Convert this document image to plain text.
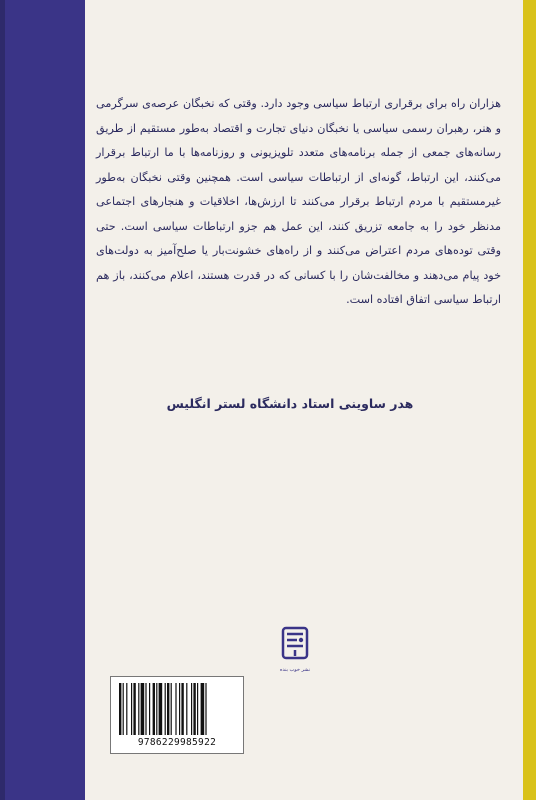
هزاران راه برای برقراری ارتباط سیاسی وجود دارد. وقتی که نخبگان عرصه‌ی سرگرمی و هنر، رهبران رسمی سیاسی یا نخبگان دنیای تجارت و اقتصاد به‌طور مستقیم از طریق رسانه‌های جمعی از جمله برنامه‌های متعدد تلویزیونی و روزنامه‌ها با ما ارتباط برقرار می‌کنند، این ارتباط، گونه‌ای از ارتباطات سیاسی است. همچنین وقتی نخبگان به‌طور غیرمستقیم با مردم ارتباط برقرار می‌کنند تا ارزش‌ها، اخلاقیات و هنجارهای اجتماعی مدنظر خود را به جامعه تزریق کنند، این عمل هم جزو ارتباطات سیاسی است. حتی وقتی توده‌های مردم اعتراض می‌کنند و از راه‌های خشونت‌بار یا صلح‌آمیز به دولت‌های خود پیام می‌دهند و مخالفت‌شان را با کسانی که در قدرت هستند، اعلام می‌کنند، باز هم ارتباط سیاسی اتفاق افتاده است.

هدر ساوینی استاد دانشگاه لستر انگلیس
نشر خوب بنده
9786229985922
